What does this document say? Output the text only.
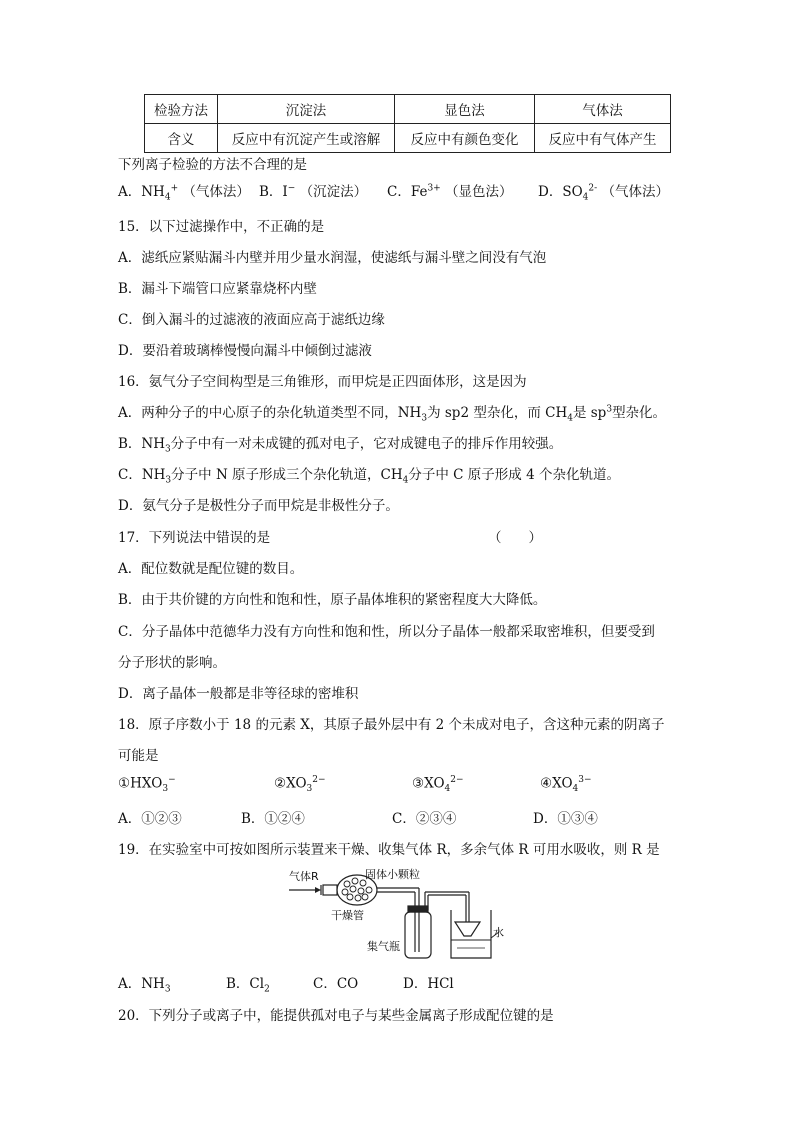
检验方法	沉淀法	显色法	气体法
含义	反应中有沉淀产生或溶解	反应中有颜色变化	反应中有气体产生
下列离子检验的方法不合理的是
A．$NH_4^+$ （气体法） B．I− （沉淀法） C．$Fe^{3+}$ （显色法） D．$SO_4^{2-}$ （气体法）
15．以下过滤操作中，不正确的是
A．滤纸应紧贴漏斗内壁并用少量水润湿，使滤纸与漏斗壁之间没有气泡
B．漏斗下端管口应紧靠烧杯内壁
C．倒入漏斗的过滤液的液面应高于滤纸边缘
D．要沿着玻璃棒慢慢向漏斗中倾倒过滤液
16．氨气分子空间构型是三角锥形，而甲烷是正四面体形，这是因为
A．两种分子的中心原子的杂化轨道类型不同，$NH_3$为 sp2 型杂化，而 $CH_4$是 $sp^3$型杂化。
B．$NH_3$分子中有一对未成键的孤对电子，它对成键电子的排斥作用较强。
C．$NH_3$分子中 N 原子形成三个杂化轨道，$CH_4$分子中 C 原子形成 4 个杂化轨道。
D．氨气分子是极性分子而甲烷是非极性分子。
17．下列说法中错误的是	（　　）
A．配位数就是配位键的数目。
B．由于共价键的方向性和饱和性，原子晶体堆积的紧密程度大大降低。
C．分子晶体中范德华力没有方向性和饱和性，所以分子晶体一般都采取密堆积，但要受到
分子形状的影响。
D．离子晶体一般都是非等径球的密堆积
18．原子序数小于 18 的元素 X，其原子最外层中有 2 个未成对电子，含这种元素的阴离子
可能是
$①HXO_3^-$	$②XO_3^{2-}$	$③XO_4^{2-}$	$④XO_4^{3-}$
A．①②③	B．①②④	C．②③④	D．①③④
19．在实验室中可按如图所示装置来干燥、收集气体 R，多余气体 R 可用水吸收，则 R 是
气体R	固体小颗粒
干燥管
集气瓶
水
A．$NH_3$	B．$Cl_2$	C．CO	D．HCl
20．下列分子或离子中，能提供孤对电子与某些金属离子形成配位键的是
